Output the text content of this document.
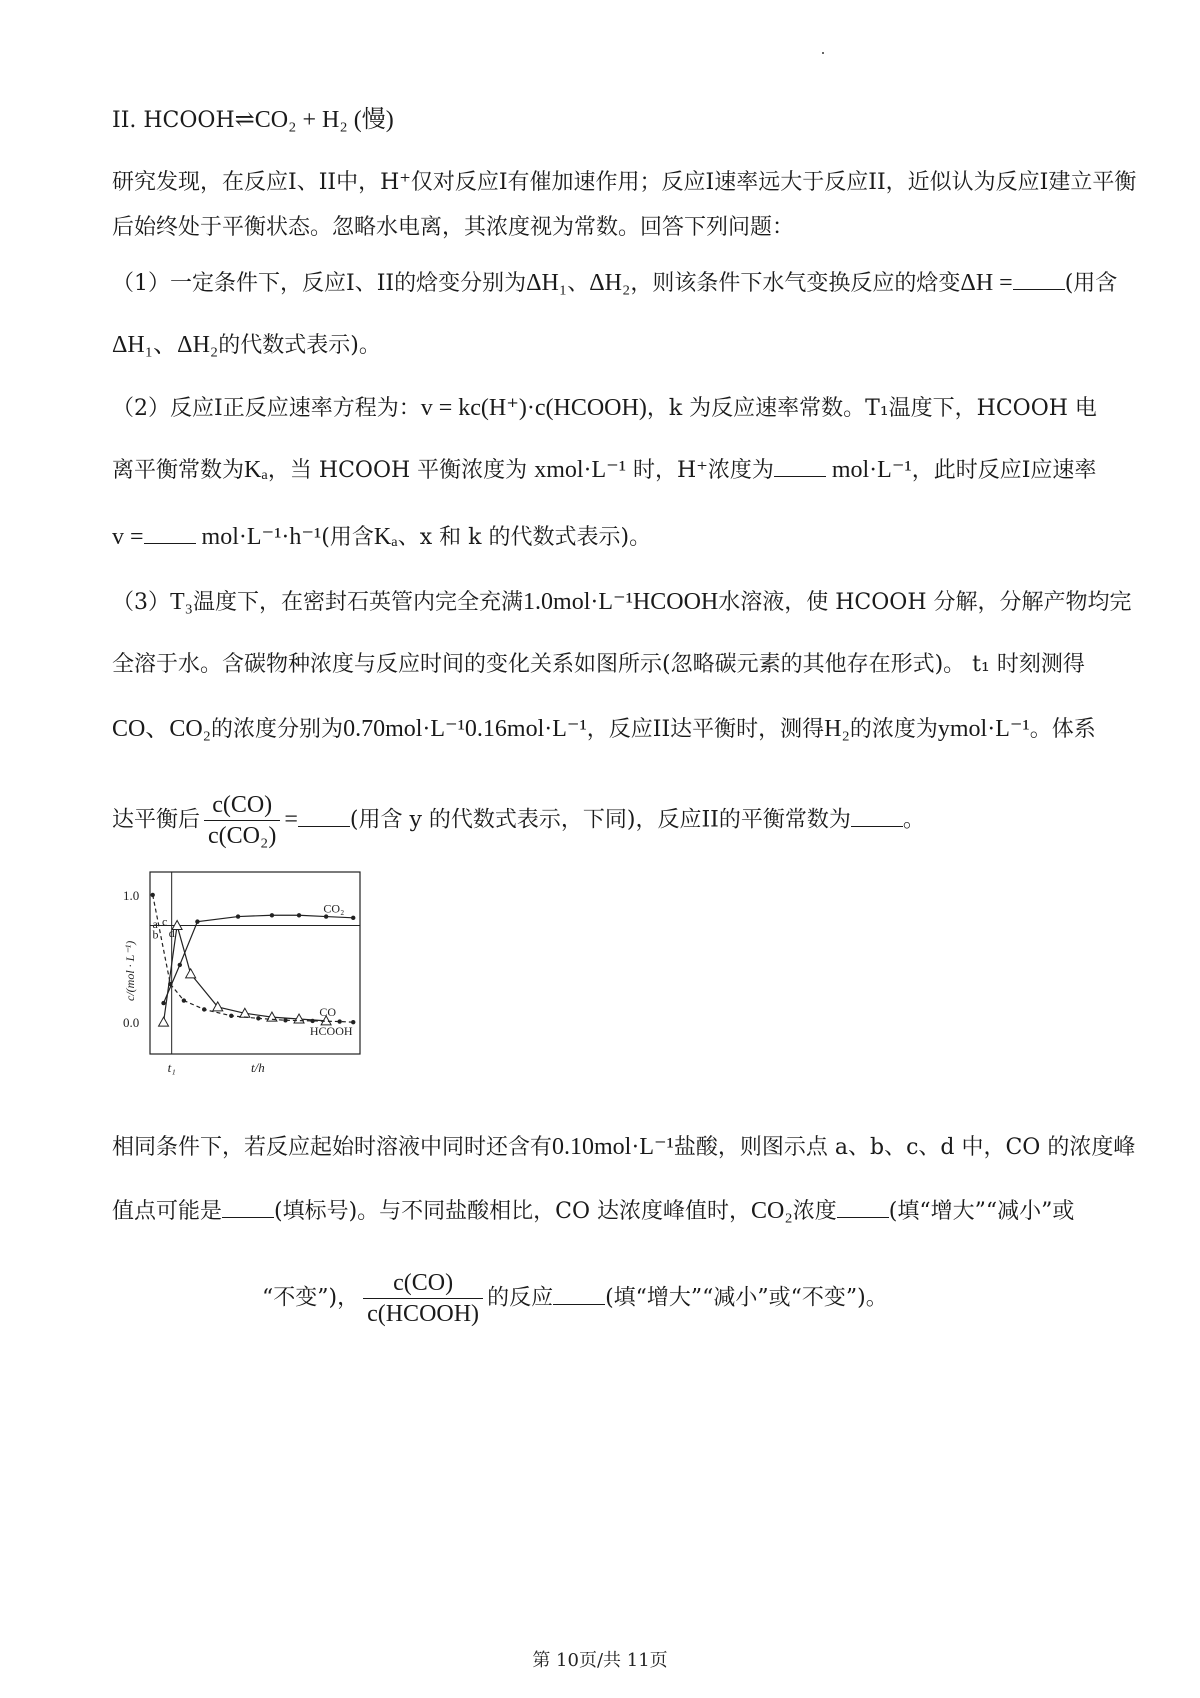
II. HCOOH⇌CO₂ + H₂ (慢)
研究发现，在反应I、II中，H⁺仅对反应I有催加速作用；反应I速率远大于反应II，近似认为反应I建立平衡
后始终处于平衡状态。忽略水电离，其浓度视为常数。回答下列问题：
（1）一定条件下，反应I、II的焓变分别为ΔH₁、ΔH₂，则该条件下水气变换反应的焓变ΔH = (用含
ΔH₁、ΔH₂的代数式表示)。
（2）反应I正反应速率方程为：v = kc(H⁺)·c(HCOOH)，k 为反应速率常数。T₁温度下，HCOOH 电
离平衡常数为Kₐ，当 HCOOH 平衡浓度为 xmol·L⁻¹ 时，H⁺浓度为 mol·L⁻¹，此时反应I应速率
v = mol·L⁻¹·h⁻¹(用含Kₐ、x 和 k 的代数式表示)。
（3）T₃温度下，在密封石英管内完全充满1.0mol·L⁻¹HCOOH水溶液，使 HCOOH 分解，分解产物均完
全溶于水。含碳物种浓度与反应时间的变化关系如图所示(忽略碳元素的其他存在形式)。 t₁ 时刻测得
CO、CO₂的浓度分别为0.70mol·L⁻¹0.16mol·L⁻¹，反应II达平衡时，测得H₂的浓度为ymol·L⁻¹。体系
达平衡后 $\frac{c(CO)}{\text{c(CO₂)}}$ = (用含 y 的代数式表示，下同)，反应II的平衡常数为 。
相同条件下，若反应起始时溶液中同时还含有0.10mol·L⁻¹盐酸，则图示点 a、b、c、d 中，CO 的浓度峰
值点可能是 (填标号)。与不同盐酸相比，CO 达浓度峰值时，CO₂浓度 (填“增大”“减小”或
“不变”)， $\frac{c(CO)}{\text{c(HCOOH)}}$ 的反应 (填“增大”“减小”或“不变”)。
1.0
0.0
t₁	t/h
c/(mol · L⁻¹)
CO₂
CO
HCOOH
a
b
c
d
第 10页/共 11页
